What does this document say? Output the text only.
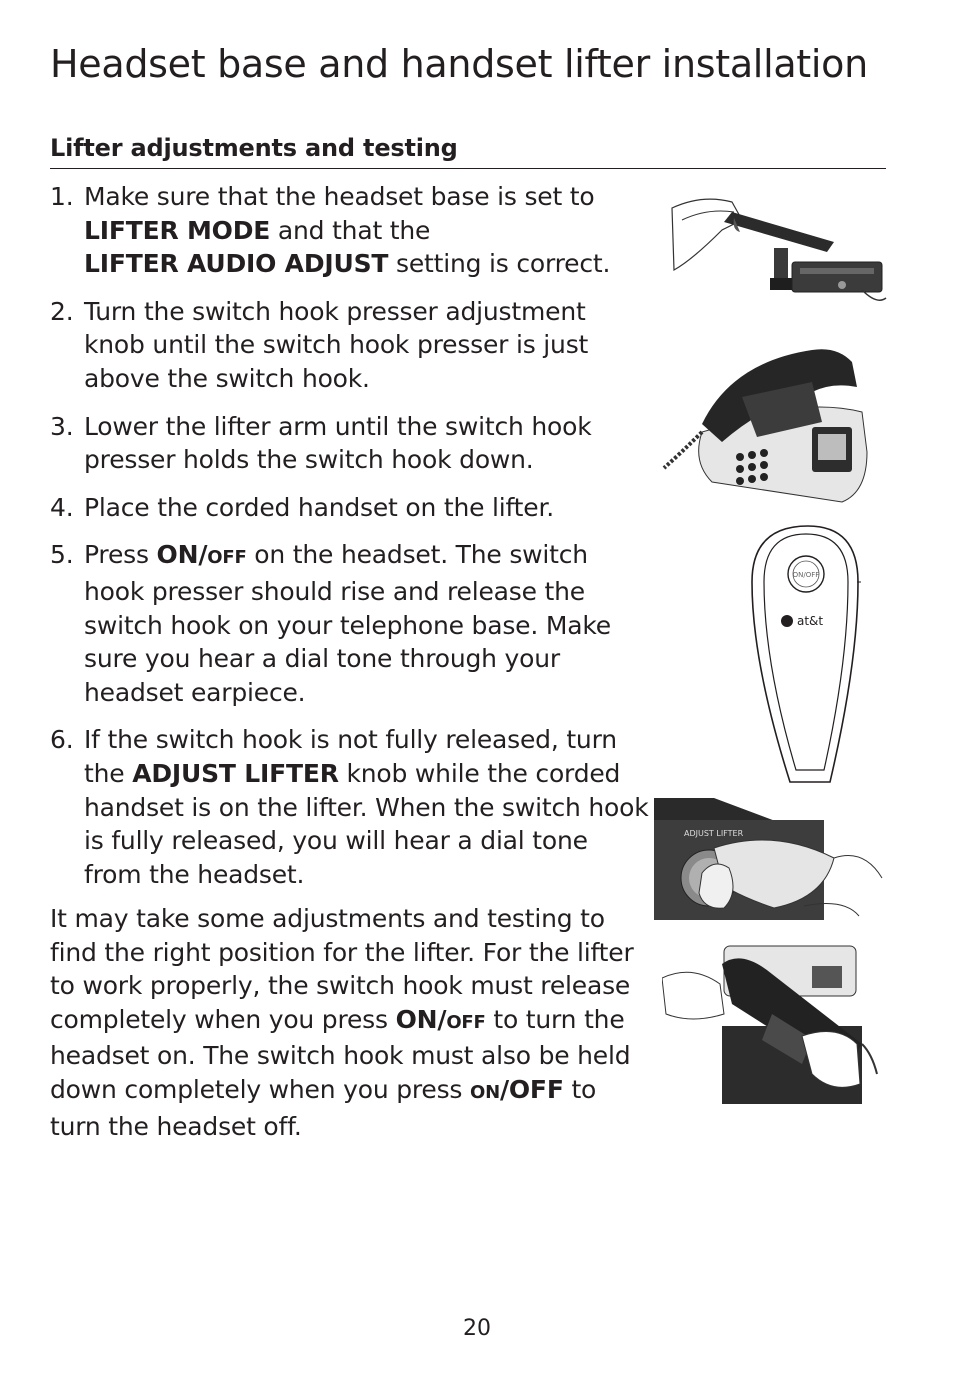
Headset base and handset lifter installation
Lifter adjustments and testing
1. Make sure that the headset base is set to
LIFTER MODE and that the
LIFTER AUDIO ADJUST setting is correct.
2. Turn the switch hook presser adjustment knob until the switch hook presser is just above the switch hook.
3. Lower the lifter arm until the switch hook presser holds the switch hook down.
4. Place the corded handset on the lifter.
5. Press ON/OFF on the headset. The switch hook presser should rise and release the switch hook on your telephone base. Make sure you hear a dial tone through your headset earpiece.
6. If the switch hook is not fully released, turn the ADJUST LIFTER knob while the corded handset is on the lifter. When the switch hook is fully released, you will hear a dial tone from the headset.

It may take some adjustments and testing to find the right position for the lifter. For the lifter to work properly, the switch hook must release completely when you press ON/OFF to turn the headset on. The switch hook must also be held down completely when you press ON/OFF to turn the headset off.

ON/OFF
at&t
ADJUST LIFTER
20
